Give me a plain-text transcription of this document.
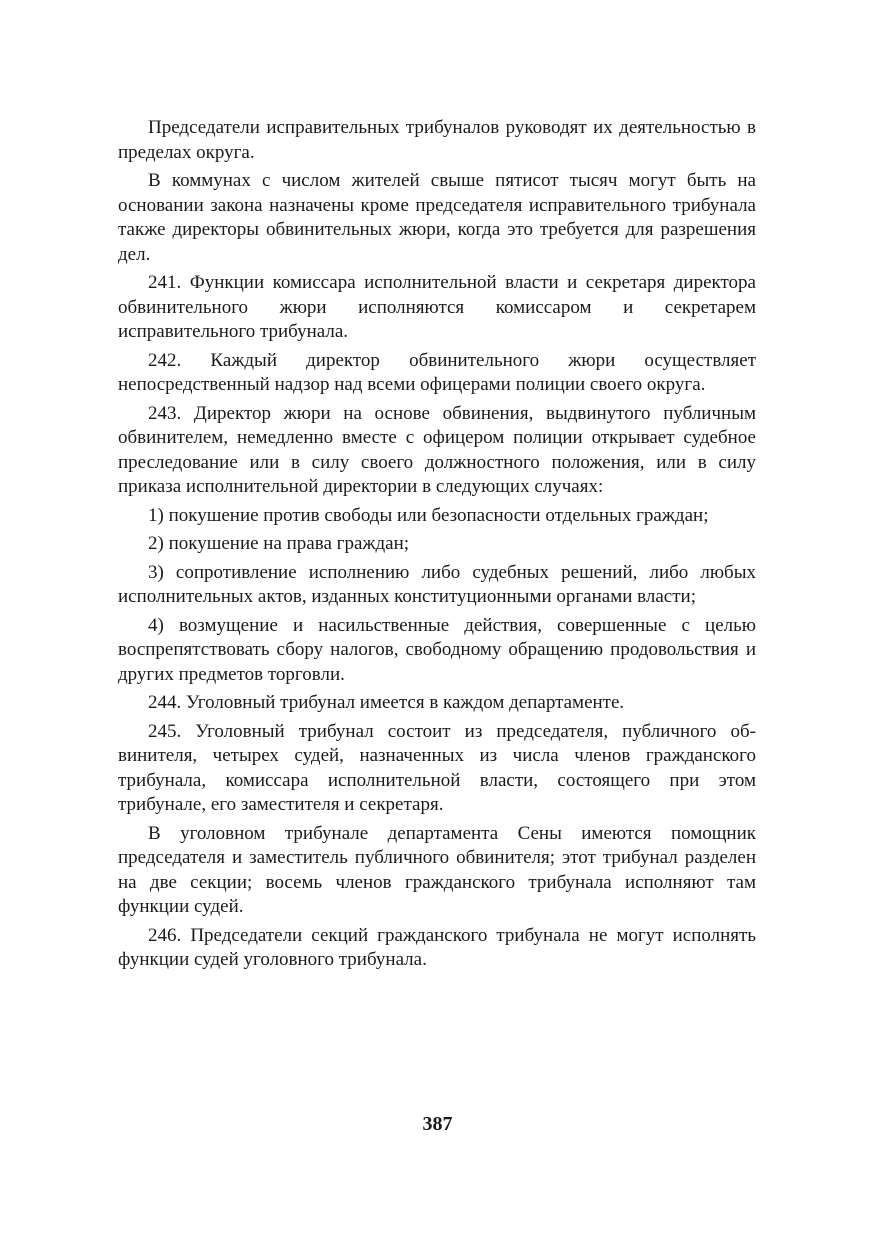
Председатели исправительных трибуналов руководят их деятельностью в пределах округа.

В коммунах с числом жителей свыше пятисот тысяч могут быть на основании закона назначены кроме председателя исправительного трибунала также директоры обвинительных жюри, когда это требуется для разрешения дел.

241. Функции комиссара исполнительной власти и секретаря директора обвинительного жюри исполняются комиссаром и секретарем исправительного трибунала.

242. Каждый директор обвинительного жюри осуществляет непосредственный надзор над всеми офицерами полиции своего округа.

243. Директор жюри на основе обвинения, выдвинутого публичным обвинителем, немедленно вместе с офицером полиции открывает судебное преследование или в силу своего должностного положения, или в силу приказа исполнительной директории в следующих случаях:

1) покушение против свободы или безопасности отдельных граждан;

2) покушение на права граждан;

3) сопротивление исполнению либо судебных решений, либо любых исполнительных актов, изданных конституционными органами власти;

4) возмущение и насильственные действия, совершенные с целью воспрепятствовать сбору налогов, свободному обращению продовольствия и других предметов торговли.

244. Уголовный трибунал имеется в каждом департаменте.

245. Уголовный трибунал состоит из председателя, публичного обвинителя, четырех судей, назначенных из числа членов гражданского трибунала, комиссара исполнительной власти, состоящего при этом трибунале, его заместителя и секретаря.

В уголовном трибунале департамента Сены имеются помощник председателя и заместитель публичного обвинителя; этот трибунал разделен на две секции; восемь членов гражданского трибунала исполняют там функции судей.

246. Председатели секций гражданского трибунала не могут исполнять функции судей уголовного трибунала.

387
